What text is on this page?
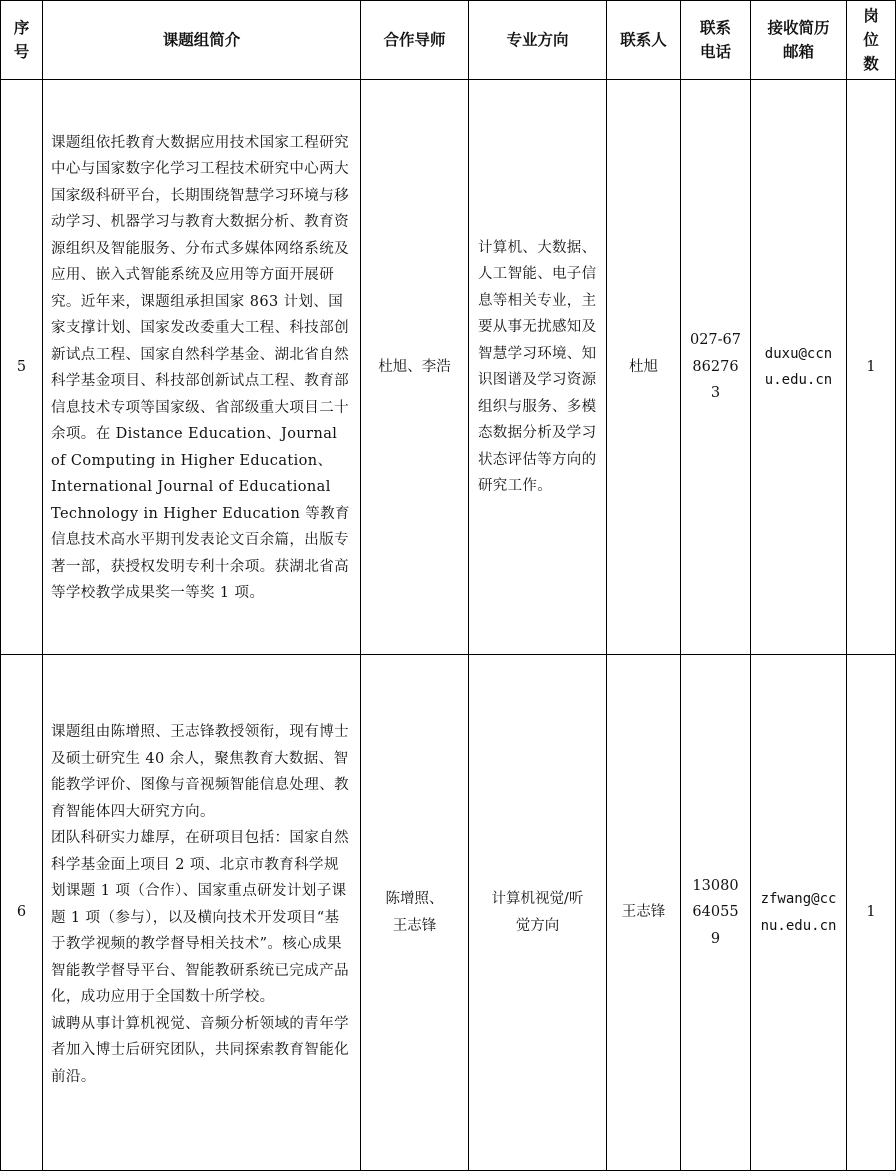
序号	课题组简介	合作导师	专业方向	联系人	联系电话	接收简历邮箱	岗位数
5	课题组依托教育大数据应用技术国家工程研究中心与国家数字化学习工程技术研究中心两大国家级科研平台，长期围绕智慧学习环境与移动学习、机器学习与教育大数据分析、教育资源组织及智能服务、分布式多媒体网络系统及应用、嵌入式智能系统及应用等方面开展研究。近年来，课题组承担国家 863 计划、国家支撑计划、国家发改委重大工程、科技部创新试点工程、国家自然科学基金、湖北省自然科学基金项目、科技部创新试点工程、教育部信息技术专项等国家级、省部级重大项目二十余项。在 Distance Education、Journal of Computing in Higher Education、International Journal of Educational Technology in Higher Education 等教育信息技术高水平期刊发表论文百余篇，出版专著一部，获授权发明专利十余项。获湖北省高等学校教学成果奖一等奖 1 项。	杜旭、李浩	计算机、大数据、人工智能、电子信息等相关专业，主要从事无扰感知及智慧学习环境、知识图谱及学习资源组织与服务、多模态数据分析及学习状态评估等方向的研究工作。	杜旭	027-67862763	duxu@ccnu.edu.cn	1
6	课题组由陈增照、王志锋教授领衔，现有博士及硕士研究生 40 余人，聚焦教育大数据、智能教学评价、图像与音视频智能信息处理、教育智能体四大研究方向。

团队科研实力雄厚，在研项目包括：国家自然科学基金面上项目 2 项、北京市教育科学规划课题 1 项（合作）、国家重点研发计划子课题 1 项（参与），以及横向技术开发项目“基于教学视频的教学督导相关技术”。核心成果智能教学督导平台、智能教研系统已完成产品化，成功应用于全国数十所学校。

诚聘从事计算机视觉、音频分析领域的青年学者加入博士后研究团队，共同探索教育智能化前沿。	陈增照、王志锋	计算机视觉/听觉方向	王志锋	13080640559	zfwang@ccnu.edu.cn	1
